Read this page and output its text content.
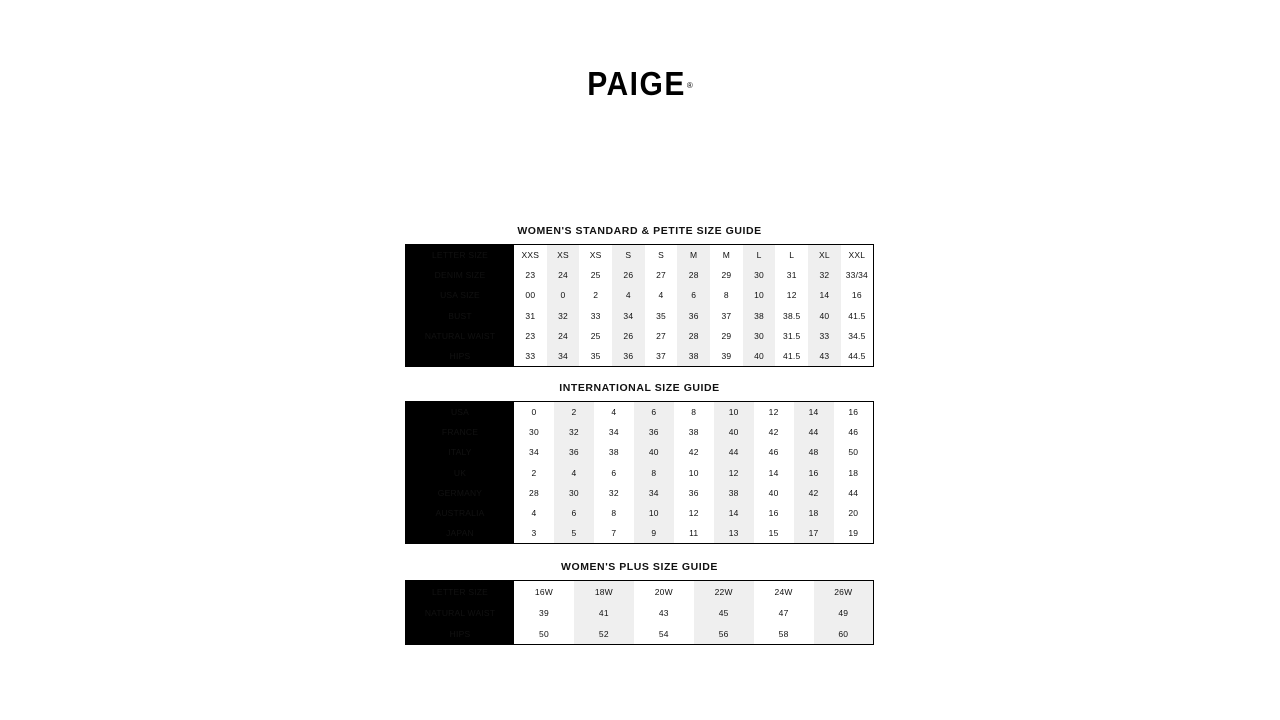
PAIGE®
WOMEN'S STANDARD & PETITE SIZE GUIDE
LETTER SIZE	XXS	XS	XS	S	S	M	M	L	L	XL	XXL
DENIM SIZE	23	24	25	26	27	28	29	30	31	32	33/34
USA SIZE	00	0	2	4	4	6	8	10	12	14	16
BUST	31	32	33	34	35	36	37	38	38.5	40	41.5
NATURAL WAIST	23	24	25	26	27	28	29	30	31.5	33	34.5
HIPS	33	34	35	36	37	38	39	40	41.5	43	44.5
INTERNATIONAL SIZE GUIDE
USA	0	2	4	6	8	10	12	14	16
FRANCE	30	32	34	36	38	40	42	44	46
ITALY	34	36	38	40	42	44	46	48	50
UK	2	4	6	8	10	12	14	16	18
GERMANY	28	30	32	34	36	38	40	42	44
AUSTRALIA	4	6	8	10	12	14	16	18	20
JAPAN	3	5	7	9	11	13	15	17	19
WOMEN'S PLUS SIZE GUIDE
LETTER SIZE	16W	18W	20W	22W	24W	26W
NATURAL WAIST	39	41	43	45	47	49
HIPS	50	52	54	56	58	60
